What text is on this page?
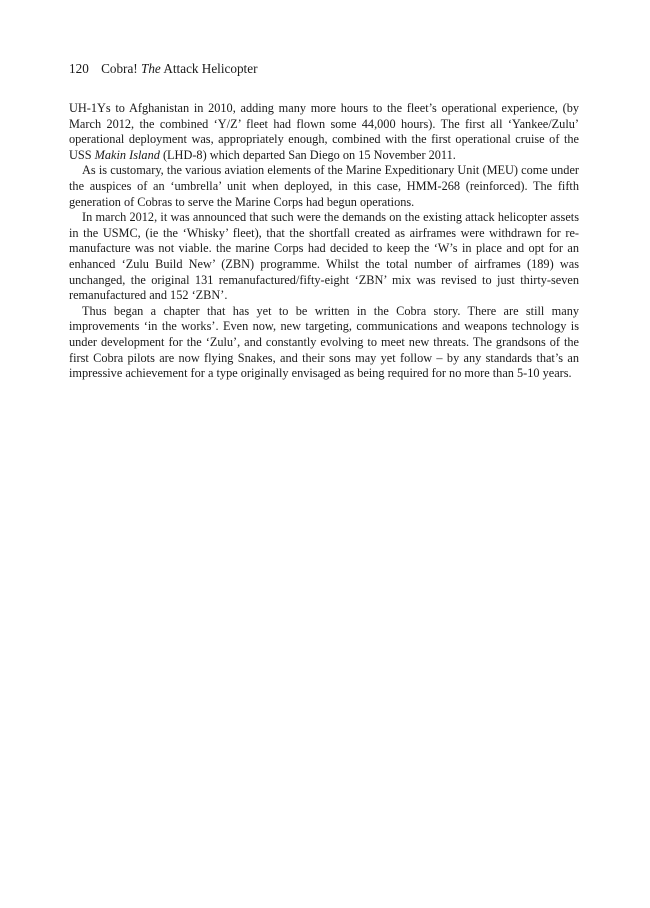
120 Cobra! The Attack Helicopter

UH-1Ys to Afghanistan in 2010, adding many more hours to the fleet’s operational experience, (by March 2012, the combined ‘Y/Z’ fleet had flown some 44,000 hours). The first all ‘Yankee/Zulu’ operational deployment was, appropriately enough, combined with the first operational cruise of the USS Makin Island (LHD-8) which departed San Diego on 15 November 2011.

As is customary, the various aviation elements of the Marine Expeditionary Unit (MEU) come under the auspices of an ‘umbrella’ unit when deployed, in this case, HMM-268 (reinforced). The fifth generation of Cobras to serve the Marine Corps had begun operations.

In march 2012, it was announced that such were the demands on the existing attack helicopter assets in the USMC, (ie the ‘Whisky’ fleet), that the shortfall created as airframes were withdrawn for re-manufacture was not viable. the marine Corps had decided to keep the ‘W’s in place and opt for an enhanced ‘Zulu Build New’ (ZBN) programme. Whilst the total number of airframes (189) was unchanged, the original 131 remanufactured/fifty-eight ‘ZBN’ mix was revised to just thirty-seven remanufactured and 152 ‘ZBN’.

Thus began a chapter that has yet to be written in the Cobra story. There are still many improvements ‘in the works’. Even now, new targeting, communications and weapons technology is under development for the ‘Zulu’, and constantly evolving to meet new threats. The grandsons of the first Cobra pilots are now flying Snakes, and their sons may yet follow – by any standards that’s an impressive achievement for a type originally envisaged as being required for no more than 5-10 years.
